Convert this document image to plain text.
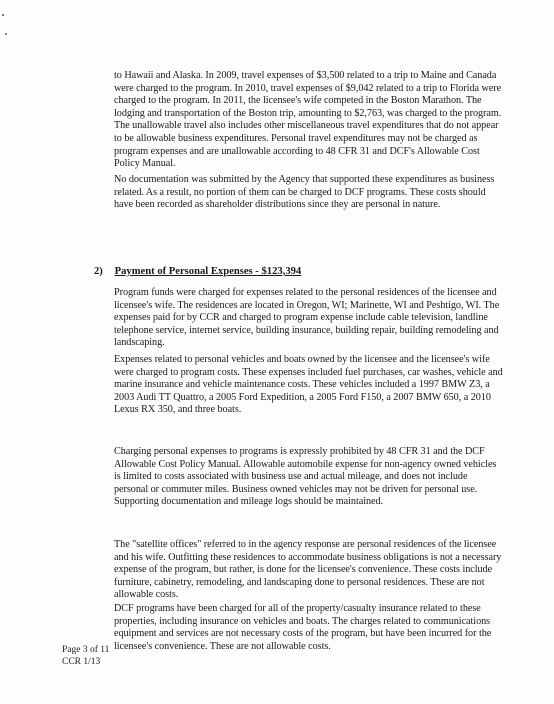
to Hawaii and Alaska. In 2009, travel expenses of $3,500 related to a trip to Maine and Canada were charged to the program. In 2010, travel expenses of $9,042 related to a trip to Florida were charged to the program. In 2011, the licensee's wife competed in the Boston Marathon. The lodging and transportation of the Boston trip, amounting to $2,763, was charged to the program. The unallowable travel also includes other miscellaneous travel expenditures that do not appear to be allowable business expenditures. Personal travel expenditures may not be charged as program expenses and are unallowable according to 48 CFR 31 and DCF's Allowable Cost Policy Manual.

No documentation was submitted by the Agency that supported these expenditures as business related. As a result, no portion of them can be charged to DCF programs. These costs should have been recorded as shareholder distributions since they are personal in nature.

2) Payment of Personal Expenses - $123,394

Program funds were charged for expenses related to the personal residences of the licensee and licensee's wife. The residences are located in Oregon, WI; Marinette, WI and Peshtigo, WI. The expenses paid for by CCR and charged to program expense include cable television, landline telephone service, internet service, building insurance, building repair, building remodeling and landscaping.

Expenses related to personal vehicles and boats owned by the licensee and the licensee's wife were charged to program costs. These expenses included fuel purchases, car washes, vehicle and marine insurance and vehicle maintenance costs. These vehicles included a 1997 BMW Z3, a 2003 Audi TT Quattro, a 2005 Ford Expedition, a 2005 Ford F150, a 2007 BMW 650, a 2010 Lexus RX 350, and three boats.

Charging personal expenses to programs is expressly prohibited by 48 CFR 31 and the DCF Allowable Cost Policy Manual. Allowable automobile expense for non-agency owned vehicles is limited to costs associated with business use and actual mileage, and does not include personal or commuter miles. Business owned vehicles may not be driven for personal use. Supporting documentation and mileage logs should be maintained.

The "satellite offices" referred to in the agency response are personal residences of the licensee and his wife. Outfitting these residences to accommodate business obligations is not a necessary expense of the program, but rather, is done for the licensee's convenience. These costs include furniture, cabinetry, remodeling, and landscaping done to personal residences. These are not allowable costs.

DCF programs have been charged for all of the property/casualty insurance related to these properties, including insurance on vehicles and boats. The charges related to communications equipment and services are not necessary costs of the program, but have been incurred for the licensee's convenience. These are not allowable costs.

Page 3 of 11
CCR 1/13
